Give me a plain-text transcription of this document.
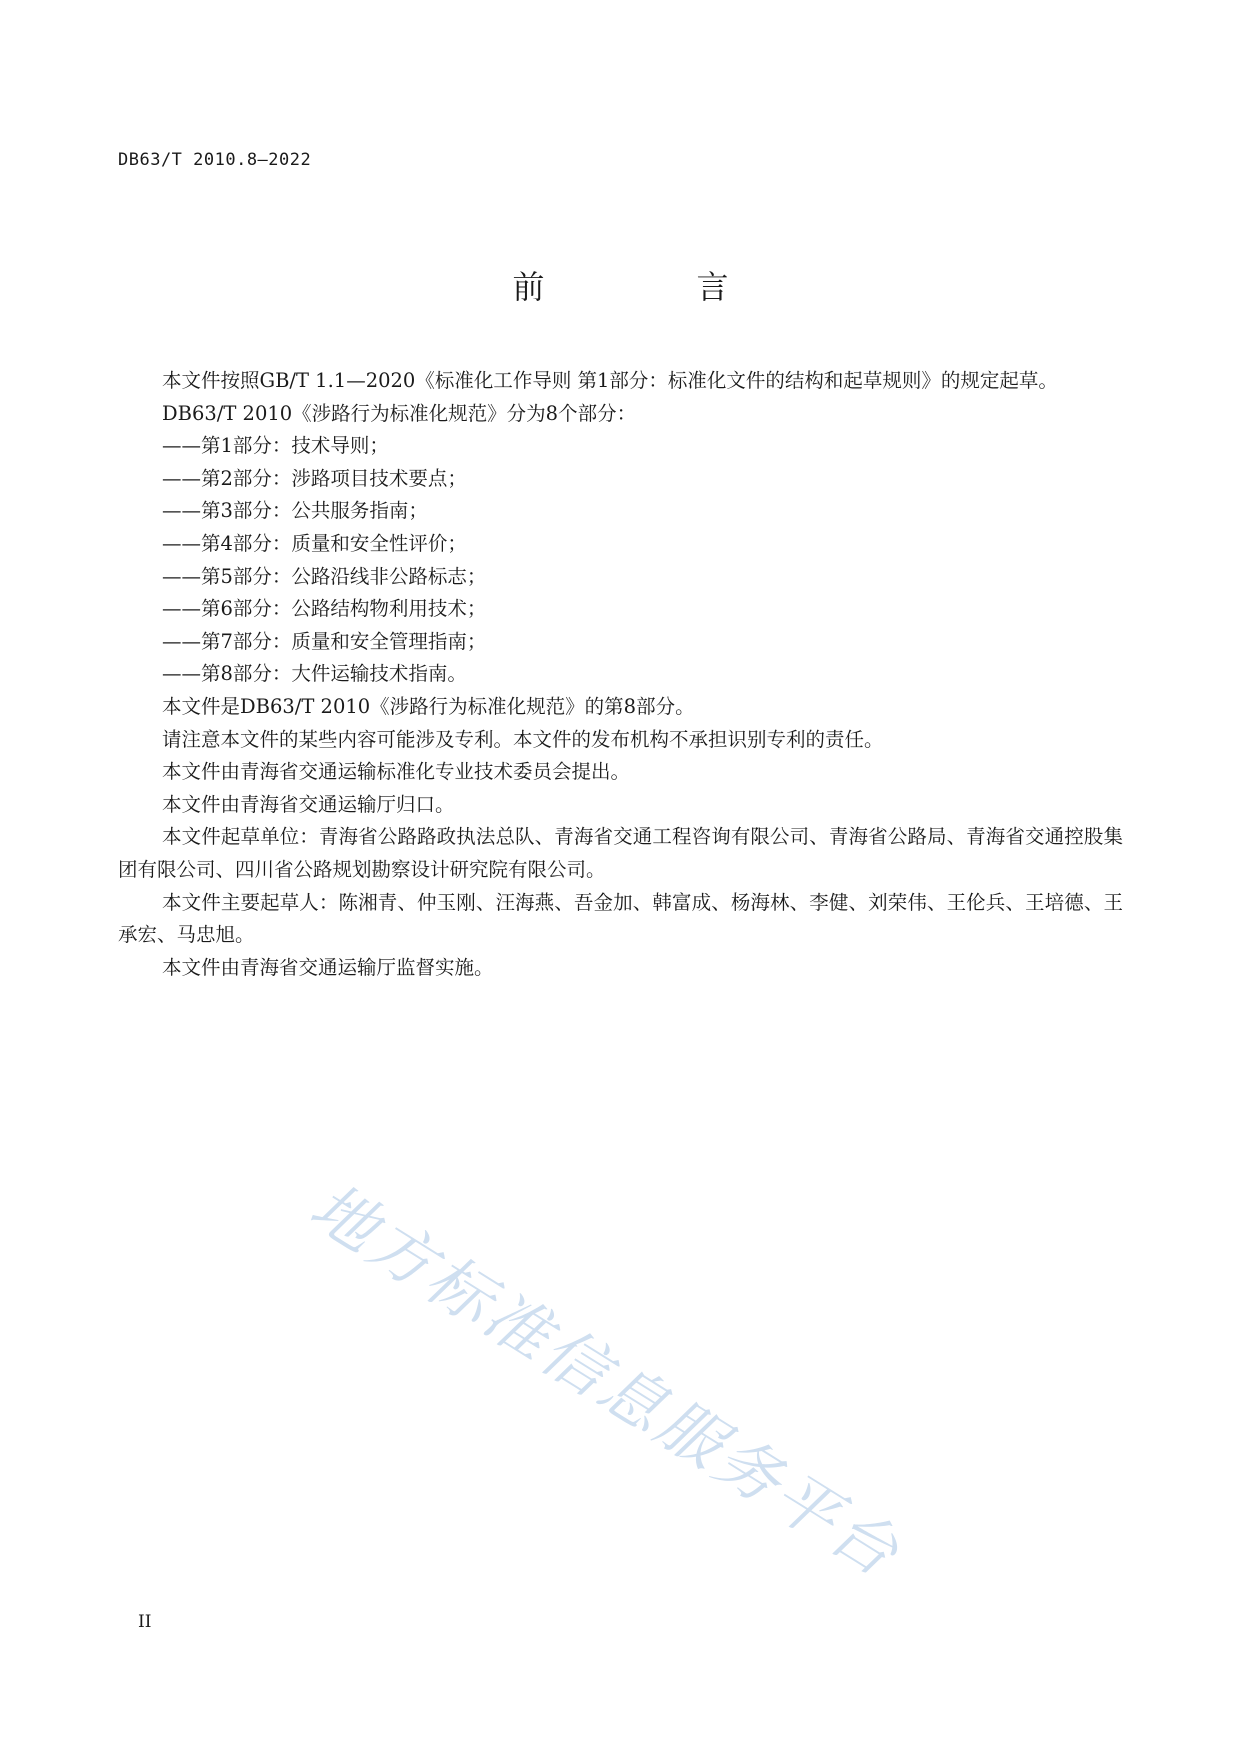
DB63/T 2010.8—2022
前　言

本文件按照GB/T 1.1—2020《标准化工作导则 第1部分：标准化文件的结构和起草规则》的规定起草。

DB63/T 2010《涉路行为标准化规范》分为8个部分：

——第1部分：技术导则；

——第2部分：涉路项目技术要点；

——第3部分：公共服务指南；

——第4部分：质量和安全性评价；

——第5部分：公路沿线非公路标志；

——第6部分：公路结构物利用技术；

——第7部分：质量和安全管理指南；

——第8部分：大件运输技术指南。

本文件是DB63/T 2010《涉路行为标准化规范》的第8部分。

请注意本文件的某些内容可能涉及专利。本文件的发布机构不承担识别专利的责任。

本文件由青海省交通运输标准化专业技术委员会提出。

本文件由青海省交通运输厅归口。

本文件起草单位：青海省公路路政执法总队、青海省交通工程咨询有限公司、青海省公路局、青海省交通控股集团有限公司、四川省公路规划勘察设计研究院有限公司。

本文件主要起草人：陈湘青、仲玉刚、汪海燕、吾金加、韩富成、杨海林、李健、刘荣伟、王伦兵、王培德、王承宏、马忠旭。

本文件由青海省交通运输厅监督实施。

地方标准信息服务平台
II
